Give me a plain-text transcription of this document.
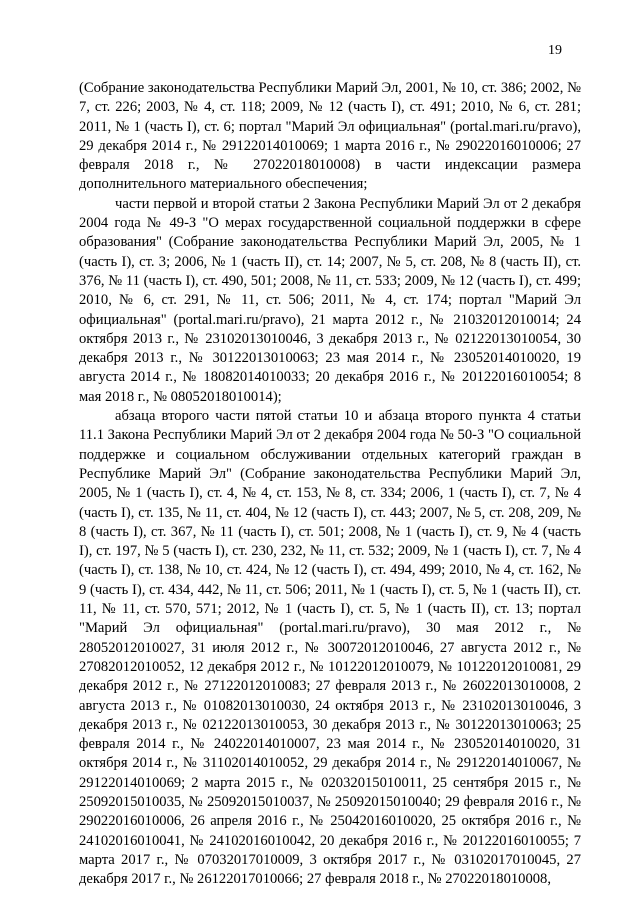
19

(Собрание законодательства Республики Марий Эл, 2001, № 10, ст. 386; 2002, № 7, ст. 226; 2003, № 4, ст. 118; 2009, № 12 (часть I), ст. 491; 2010, № 6, ст. 281; 2011, № 1 (часть I), ст. 6; портал "Марий Эл официальная" (portal.mari.ru/pravo), 29 декабря 2014 г., № 29122014010069; 1 марта 2016 г., № 29022016010006; 27 февраля 2018 г., № 27022018010008) в части индексации размера дополнительного материального обеспечения;

части первой и второй статьи 2 Закона Республики Марий Эл от 2 декабря 2004 года № 49-З "О мерах государственной социальной поддержки в сфере образования" (Собрание законодательства Республики Марий Эл, 2005, № 1 (часть I), ст. 3; 2006, № 1 (часть II), ст. 14; 2007, № 5, ст. 208, № 8 (часть II), ст. 376, № 11 (часть I), ст. 490, 501; 2008, № 11, ст. 533; 2009, № 12 (часть I), ст. 499; 2010, № 6, ст. 291, № 11, ст. 506; 2011, № 4, ст. 174; портал "Марий Эл официальная" (portal.mari.ru/pravo), 21 марта 2012 г., № 21032012010014; 24 октября 2013 г., № 23102013010046, 3 декабря 2013 г., № 02122013010054, 30 декабря 2013 г., № 30122013010063; 23 мая 2014 г., № 23052014010020, 19 августа 2014 г., № 18082014010033; 20 декабря 2016 г., № 20122016010054; 8 мая 2018 г., № 08052018010014);

абзаца второго части пятой статьи 10 и абзаца второго пункта 4 статьи 11.1 Закона Республики Марий Эл от 2 декабря 2004 года № 50-З "О социальной поддержке и социальном обслуживании отдельных категорий граждан в Республике Марий Эл" (Собрание законодательства Республики Марий Эл, 2005, № 1 (часть I), ст. 4, № 4, ст. 153, № 8, ст. 334; 2006, 1 (часть I), ст. 7, № 4 (часть I), ст. 135, № 11, ст. 404, № 12 (часть I), ст. 443; 2007, № 5, ст. 208, 209, № 8 (часть I), ст. 367, № 11 (часть I), ст. 501; 2008, № 1 (часть I), ст. 9, № 4 (часть I), ст. 197, № 5 (часть I), ст. 230, 232, № 11, ст. 532; 2009, № 1 (часть I), ст. 7, № 4 (часть I), ст. 138, № 10, ст. 424, № 12 (часть I), ст. 494, 499; 2010, № 4, ст. 162, № 9 (часть I), ст. 434, 442, № 11, ст. 506; 2011, № 1 (часть I), ст. 5, № 1 (часть II), ст. 11, № 11, ст. 570, 571; 2012, № 1 (часть I), ст. 5, № 1 (часть II), ст. 13; портал "Марий Эл официальная" (portal.mari.ru/pravo), 30 мая 2012 г., № 28052012010027, 31 июля 2012 г., № 30072012010046, 27 августа 2012 г., № 27082012010052, 12 декабря 2012 г., № 10122012010079, № 10122012010081, 29 декабря 2012 г., № 27122012010083; 27 февраля 2013 г., № 26022013010008, 2 августа 2013 г., № 01082013010030, 24 октября 2013 г., № 23102013010046, 3 декабря 2013 г., № 02122013010053, 30 декабря 2013 г., № 30122013010063; 25 февраля 2014 г., № 24022014010007, 23 мая 2014 г., № 23052014010020, 31 октября 2014 г., № 31102014010052, 29 декабря 2014 г., № 29122014010067, № 29122014010069; 2 марта 2015 г., № 02032015010011, 25 сентября 2015 г., № 25092015010035, № 25092015010037, № 25092015010040; 29 февраля 2016 г., № 29022016010006, 26 апреля 2016 г., № 25042016010020, 25 октября 2016 г., № 24102016010041, № 24102016010042, 20 декабря 2016 г., № 20122016010055; 7 марта 2017 г., № 07032017010009, 3 октября 2017 г., № 03102017010045, 27 декабря 2017 г., № 26122017010066; 27 февраля 2018 г., № 27022018010008,
